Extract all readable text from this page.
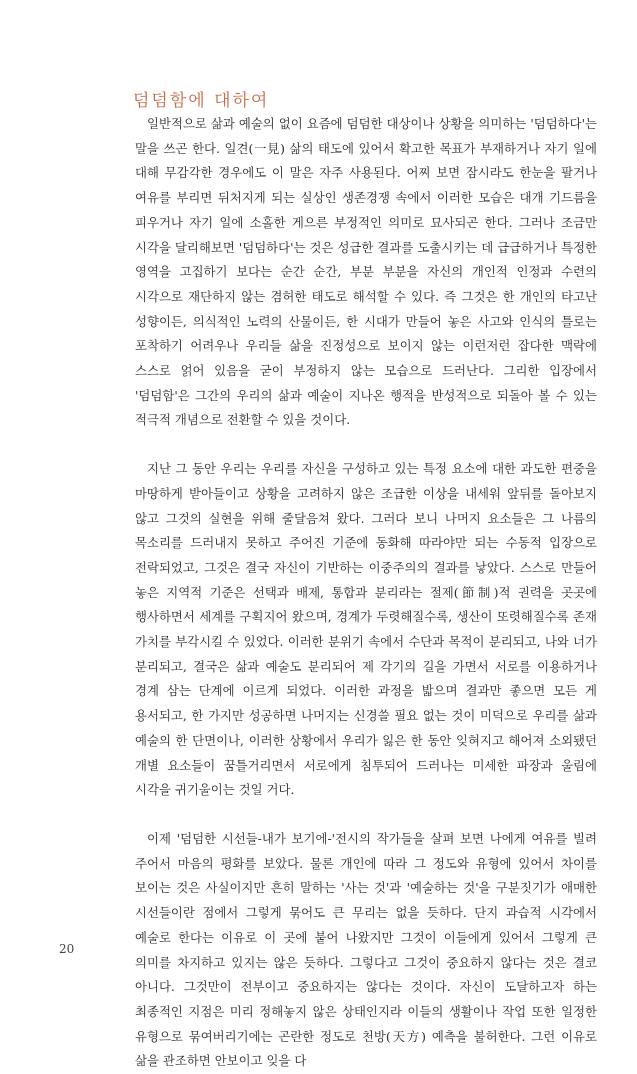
덤덤함에 대하여

일반적으로 삶과 예술의 없이 요즘에 덤덤한 대상이나 상황을 의미하는 '덤덤하다'는 말을 쓰곤 한다. 일견(一見) 삶의 태도에 있어서 확고한 목표가 부재하거나 자기 일에 대해 무감각한 경우에도 이 말은 자주 사용된다. 어찌 보면 잠시라도 한눈을 팔거나 여유를 부리면 뒤처지게 되는 실상인 생존경쟁 속에서 이러한 모습은 대개 기드름을 피우거나 자기 일에 소홀한 게으른 부정적인 의미로 묘사되곤 한다. 그러나 조금만 시각을 달리해보면 '덤덤하다'는 것은 성급한 결과를 도출시키는 데 급급하거나 특정한 영역을 고집하기 보다는 순간 순간, 부분 부분을 자신의 개인적 인정과 수련의 시각으로 재단하지 않는 겸허한 태도로 해석할 수 있다. 즉 그것은 한 개인의 타고난 성향이든, 의식적인 노력의 산물이든, 한 시대가 만들어 놓은 사고와 인식의 틀로는 포착하기 어려우나 우리들 삶을 진정성으로 보이지 않는 이런저런 잡다한 맥락에 스스로 얽어 있음을 굳이 부정하지 않는 모습으로 드러난다. 그리한 입장에서 '덤덤함'은 그간의 우리의 삶과 예술이 지나온 행적을 반성적으로 되돌아 볼 수 있는 적극적 개념으로 전환할 수 있을 것이다.

지난 그 동안 우리는 우리를 자신을 구성하고 있는 특정 요소에 대한 과도한 편중을 마땅하게 받아들이고 상황을 고려하지 않은 조급한 이상을 내세워 앞뒤를 돌아보지 않고 그것의 실현을 위해 줄달음쳐 왔다. 그러다 보니 나머지 요소들은 그 나름의 목소리를 드러내지 못하고 주어진 기준에 동화해 따라야만 되는 수동적 입장으로 전락되었고, 그것은 결국 자신이 기반하는 이중주의의 결과를 낳았다. 스스로 만들어 놓은 지역적 기준은 선택과 배제, 통합과 분리라는 절제(節制)적 권력을 곳곳에 행사하면서 세계를 구획지어 왔으며, 경계가 두렷해질수록, 생산이 또렷해질수록 존재 가치를 부각시킬 수 있었다. 이러한 분위기 속에서 수단과 목적이 분리되고, 나와 너가 분리되고, 결국은 삶과 예술도 분리되어 제 각기의 길을 가면서 서로를 이용하거나 경계 삼는 단계에 이르게 되었다. 이러한 과정을 밟으며 결과만 좋으면 모든 게 용서되고, 한 가지만 성공하면 나머지는 신경쓸 필요 없는 것이 미덕으로 우리를 삶과 예술의 한 단면이나, 이러한 상황에서 우리가 잃은 한 동안 잊혀지고 해어져 소외됐던 개별 요소들이 꿈틀거리면서 서로에게 침투되어 드러나는 미세한 파장과 울림에 시각을 귀기울이는 것일 거다.

이제 '덤덤한 시선들-내가 보기에-'전시의 작가들을 살펴 보면 나에게 여유를 빌려 주어서 마음의 평화를 보았다. 물론 개인에 따라 그 정도와 유형에 있어서 차이를 보이는 것은 사실이지만 흔히 말하는 '사는 것'과 '예술하는 것'을 구분짓기가 애매한 시선들이란 점에서 그렇게 묶어도 큰 무리는 없을 듯하다. 단지 과습적 시각에서 예술로 한다는 이유로 이 곳에 붙어 나왔지만 그것이 이들에게 있어서 그렇게 큰 의미를 차지하고 있지는 않은 듯하다. 그렇다고 그것이 중요하지 않다는 것은 결코 아니다. 그것만이 전부이고 중요하지는 않다는 것이다. 자신이 도달하고자 하는 최종적인 지점은 미리 정해놓지 않은 상태인지라 이들의 생활이나 작업 또한 일정한 유형으로 묶여버리기에는 곤란한 정도로 천방(天方) 예측을 불허한다. 그런 이유로 삶을 관조하면 안보이고 잊을 다

20
